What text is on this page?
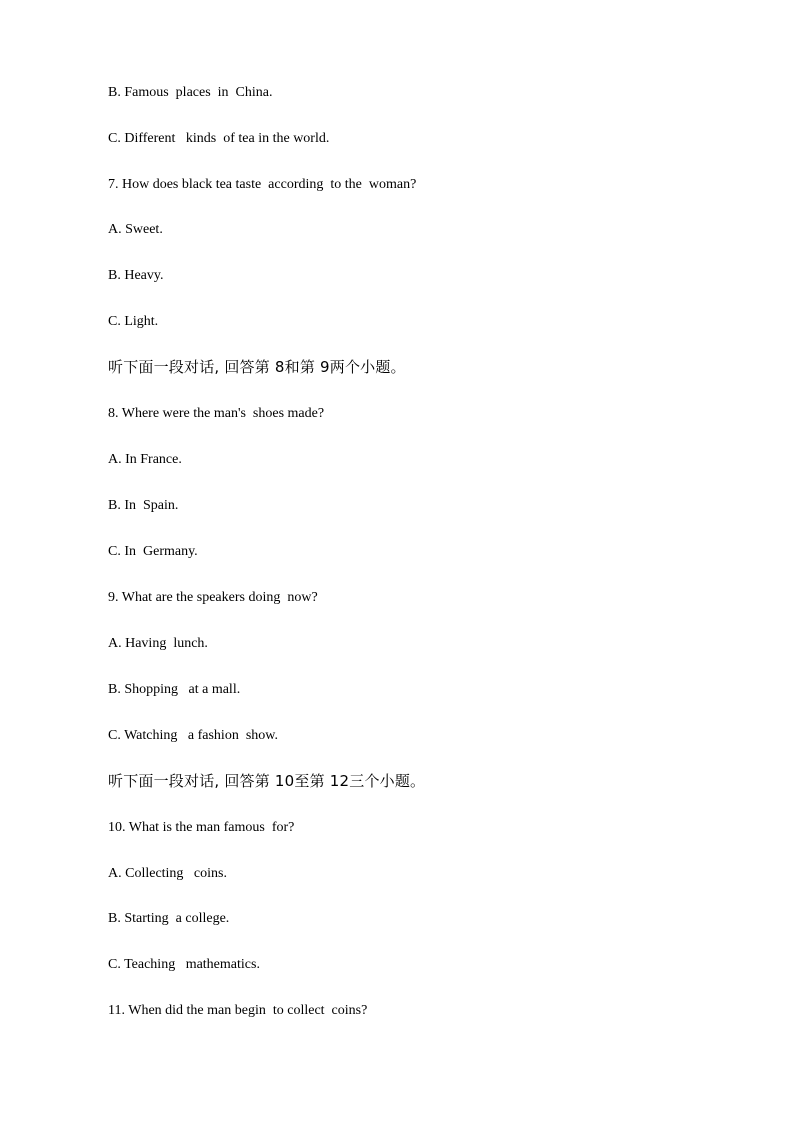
B. Famous  places  in  China.
C. Different   kinds  of tea in the world.
7. How does black tea taste  according  to the  woman?
A. Sweet.
B. Heavy.
C. Light.
听下面一段对话, 回答第 8和第 9两个小题。
8. Where were the man's  shoes made?
A. In France.
B. In  Spain.
C. In  Germany.
9. What are the speakers doing  now?
A. Having  lunch.
B. Shopping   at a mall.
C. Watching   a fashion  show.
听下面一段对话, 回答第 10至第 12三个小题。
10. What is the man famous  for?
A. Collecting   coins.
B. Starting  a college.
C. Teaching   mathematics.
11. When did the man begin  to collect  coins?
